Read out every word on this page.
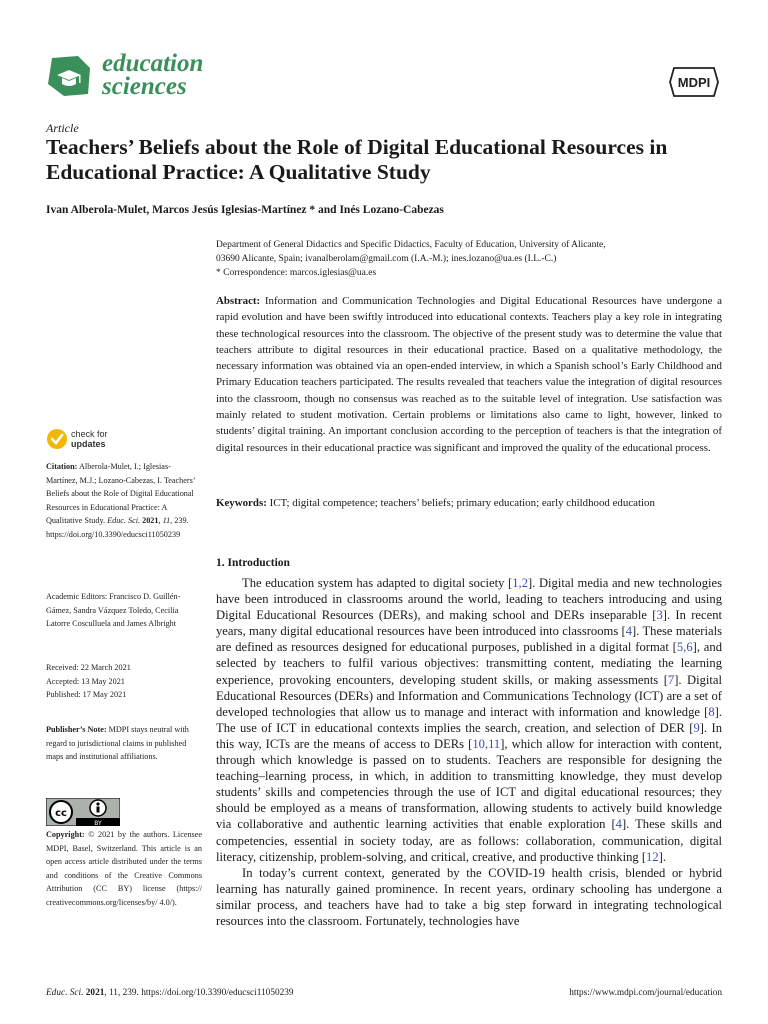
education
sciences	MDPI
Article
Teachers’ Beliefs about the Role of Digital Educational Resources in Educational Practice: A Qualitative Study
Ivan Alberola-Mulet, Marcos Jesús Iglesias-Martínez * and Inés Lozano-Cabezas
Department of General Didactics and Specific Didactics, Faculty of Education, University of Alicante,
03690 Alicante, Spain; ivanalberolam@gmail.com (I.A.-M.); ines.lozano@ua.es (I.L.-C.)
* Correspondence: marcos.iglesias@ua.es
Abstract: Information and Communication Technologies and Digital Educational Resources have undergone a rapid evolution and have been swiftly introduced into educational contexts. Teachers play a key role in integrating these technological resources into the classroom. The objective of the present study was to determine the value that teachers attribute to digital resources in their educational practice. Based on a qualitative methodology, the necessary information was obtained via an open-ended interview, in which a Spanish school’s Early Childhood and Primary Education teachers participated. The results revealed that teachers value the integration of digital resources into the classroom, though no consensus was reached as to the suitable level of integration. Use satisfaction was mainly related to student motivation. Certain problems or limitations also came to light, however, linked to students’ digital training. An important conclusion according to the perception of teachers is that the integration of digital resources in their educational practice was significant and improved the quality of the educational process.
Keywords: ICT; digital competence; teachers’ beliefs; primary education; early childhood education
1. Introduction

The education system has adapted to digital society [1,2]. Digital media and new technologies have been introduced in classrooms around the world, leading to teachers introducing and using Digital Educational Resources (DERs), and making school and DERs inseparable [3]. In recent years, many digital educational resources have been introduced into classrooms [4]. These materials are defined as resources designed for educational purposes, published in a digital format [5,6], and selected by teachers to fulfil various objectives: transmitting content, mediating the learning experience, provoking encounters, developing student skills, or making assessments [7]. Digital Educational Resources (DERs) and Information and Communications Technology (ICT) are a set of developed technologies that allow us to manage and interact with information and knowledge [8]. The use of ICT in educational contexts implies the search, creation, and selection of DER [9]. In this way, ICTs are the means of access to DERs [10,11], which allow for interaction with content, through which knowledge is passed on to students. Teachers are responsible for designing the teaching–learning process, in which, in addition to transmitting knowledge, they must develop students’ skills and competencies through the use of ICT and digital educational resources; they should be employed as a means of transformation, allowing students to actively build knowledge via collaborative and authentic learning activities that enable exploration [4]. These skills and competencies, essential in society today, are as follows: collaboration, communication, digital literacy, citizenship, problem-solving, and critical, creative, and productive thinking [12].

In today’s current context, generated by the COVID-19 health crisis, blended or hybrid learning has naturally gained prominence. In recent years, ordinary schooling has undergone a similar process, and teachers have had to take a big step forward in integrating technological resources into the classroom. Fortunately, technologies have

check for
updates
Citation: Alberola-Mulet, I.; Iglesias-Martínez, M.J.; Lozano-Cabezas, I. Teachers’ Beliefs about the Role of Digital Educational Resources in Educational Practice: A Qualitative Study. Educ. Sci. 2021, 11, 239. https://doi.org/10.3390/educsci11050239
Academic Editors: Francisco D. Guillén-Gámez, Sandra Vázquez Toledo, Cecilia Latorre Cosculluela and James Albright
Received: 22 March 2021
Accepted: 13 May 2021
Published: 17 May 2021
Publisher’s Note: MDPI stays neutral with regard to jurisdictional claims in published maps and institutional affiliations.
cc
BY
Copyright: © 2021 by the authors. Licensee MDPI, Basel, Switzerland. This article is an open access article distributed under the terms and conditions of the Creative Commons Attribution (CC BY) license (https:// creativecommons.org/licenses/by/ 4.0/).
Educ. Sci. 2021, 11, 239. https://doi.org/10.3390/educsci11050239	https://www.mdpi.com/journal/education
